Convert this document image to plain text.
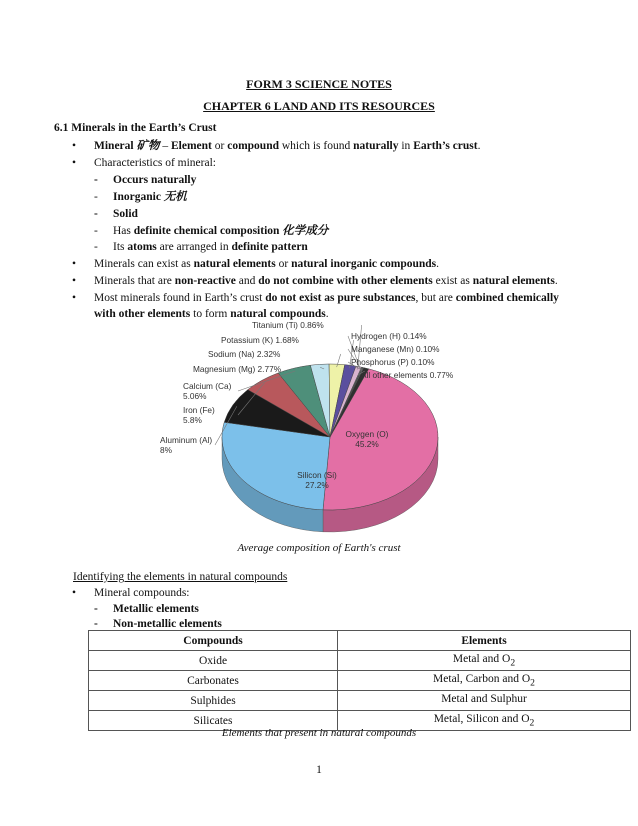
FORM 3 SCIENCE NOTES
CHAPTER 6 LAND AND ITS RESOURCES
6.1 Minerals in the Earth’s Crust
• Mineral 矿物 – Element or compound which is found naturally in Earth’s crust.
• Characteristics of mineral:
- Occurs naturally
- Inorganic 无机
- Solid
- Has definite chemical composition 化学成分
- Its atoms are arranged in definite pattern
• Minerals can exist as natural elements or natural inorganic compounds.
• Minerals that are non-reactive and do not combine with other elements exist as natural elements.
• Most minerals found in Earth’s crust do not exist as pure substances, but are combined chemically
with other elements to form natural compounds.
Oxygen (O)
45.2%
Silicon (Si)
27.2%
Aluminum (Al)
8%
Iron (Fe)
5.8%
Calcium (Ca)
5.06%
Magnesium (Mg) 2.77%
Sodium (Na) 2.32%
Potassium (K) 1.68%
Titanium (Ti) 0.86%
Hydrogen (H) 0.14%
Manganese (Mn) 0.10%
Phosphorus (P) 0.10%
All other elements 0.77%
Average composition of Earth's crust
Identifying the elements in natural compounds
• Mineral compounds:
- Metallic elements
- Non-metallic elements
Compounds	Elements
Oxide	Metal and $O_2$
Carbonates	Metal, Carbon and $O_2$
Sulphides	Metal and Sulphur
Silicates	Metal, Silicon and $O_2$
Elements that present in natural compounds
1
